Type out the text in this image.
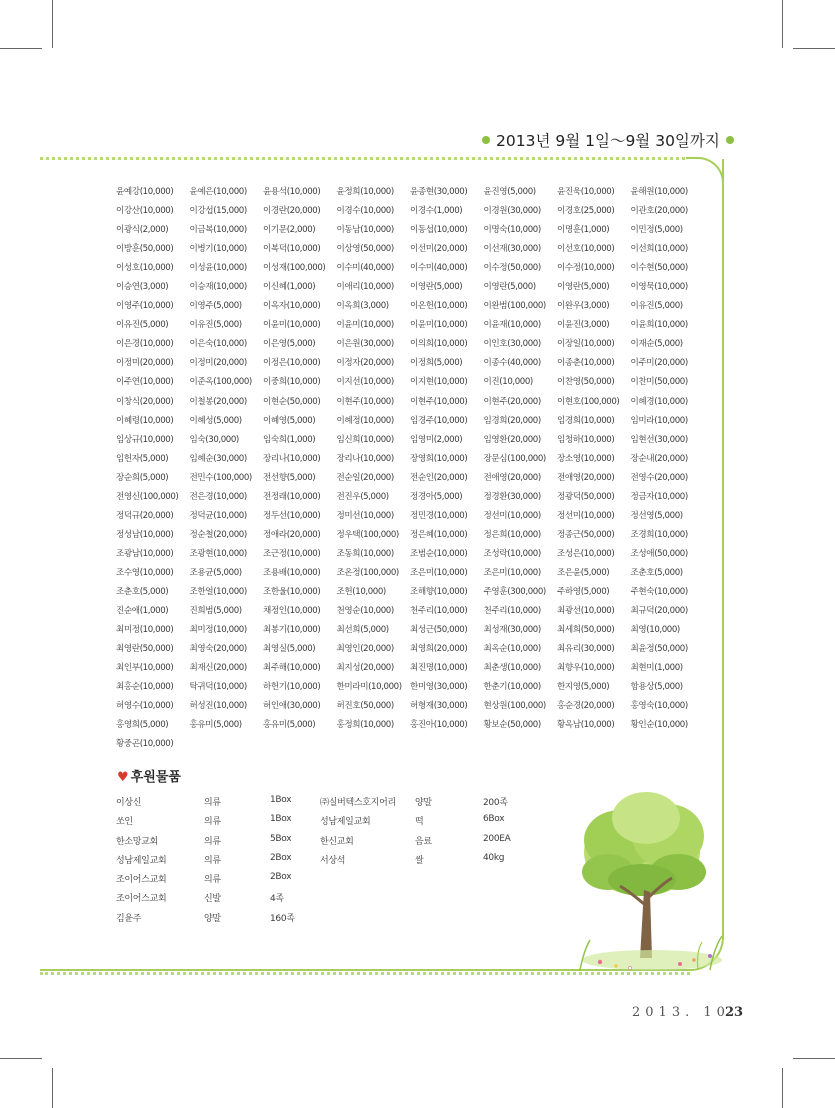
2013년 9월 1일～9월 30일까지
윤예강(10,000)	윤예은(10,000)	윤용석(10,000)	윤정희(10,000)	윤종현(30,000)	윤진영(5,000)	윤진욱(10,000)	윤해원(10,000)
이강산(10,000)	이강섭(15,000)	이경란(20,000)	이경수(10,000)	이경수(1,000)	이경원(30,000)	이경호(25,000)	이관호(20,000)
이광식(2,000)	이금복(10,000)	이기문(2,000)	이동남(10,000)	이동섭(10,000)	이명숙(10,000)	이명훈(1,000)	이민정(5,000)
이방훈(50,000)	이병기(10,000)	이복덕(10,000)	이상영(50,000)	이선미(20,000)	이선재(30,000)	이선호(10,000)	이선희(10,000)
이성호(10,000)	이성윤(10,000)	이성재(100,000)	이수미(40,000)	이수미(40,000)	이수정(50,000)	이수정(10,000)	이수현(50,000)
이승연(3,000)	이승재(10,000)	이신혜(1,000)	이애리(10,000)	이영란(5,000)	이영란(5,000)	이영란(5,000)	이영묵(10,000)
이영주(10,000)	이영주(5,000)	이옥자(10,000)	이옥희(3,000)	이온헌(10,000)	이완범(100,000)	이완우(3,000)	이유진(5,000)
이유진(5,000)	이유진(5,000)	이윤미(10,000)	이윤미(10,000)	이윤미(10,000)	이윤재(10,000)	이윤진(3,000)	이윤희(10,000)
이은경(10,000)	이은숙(10,000)	이은영(5,000)	이은원(30,000)	이의희(10,000)	이인호(30,000)	이장일(10,000)	이재순(5,000)
이정미(20,000)	이정미(20,000)	이정은(10,000)	이정자(20,000)	이정희(5,000)	이종수(40,000)	이종춘(10,000)	이주미(20,000)
이주연(10,000)	이준옥(100,000)	이중희(10,000)	이지선(10,000)	이지현(10,000)	이진(10,000)	이찬영(50,000)	이찬미(50,000)
이창식(20,000)	이철봉(20,000)	이현순(50,000)	이현주(10,000)	이현주(10,000)	이현주(20,000)	이현호(100,000)	이혜경(10,000)
이혜령(10,000)	이혜성(5,000)	이혜영(5,000)	이혜정(10,000)	임경주(10,000)	임경희(20,000)	임경희(10,000)	임미라(10,000)
임상규(10,000)	임숙(30,000)	임숙희(1,000)	임신희(10,000)	임영미(2,000)	임영환(20,000)	임청하(10,000)	임현선(30,000)
임헌자(5,000)	임혜순(30,000)	장리나(10,000)	장리나(10,000)	장영희(10,000)	장문심(100,000)	장소영(10,000)	장순내(20,000)
장순희(5,000)	전민수(100,000)	전선향(5,000)	전순일(20,000)	전순인(20,000)	전애영(20,000)	전애영(20,000)	전영수(20,000)
전영신(100,000)	전은경(10,000)	전정래(10,000)	전진우(5,000)	정경아(5,000)	정경환(30,000)	정광덕(50,000)	정금자(10,000)
정덕규(20,000)	정덕균(10,000)	정두선(10,000)	정미선(10,000)	정민경(10,000)	정선미(10,000)	정선미(10,000)	정선영(5,000)
정성남(10,000)	정순철(20,000)	정애라(20,000)	정우택(100,000)	정은혜(10,000)	정은희(10,000)	정종근(50,000)	조경희(10,000)
조광남(10,000)	조광현(10,000)	조근정(10,000)	조동희(10,000)	조범순(10,000)	조성락(10,000)	조성은(10,000)	조성애(50,000)
조수영(10,000)	조용균(5,000)	조용배(10,000)	조온정(100,000)	조은미(10,000)	조은미(10,000)	조은윤(5,000)	조춘호(5,000)
조춘호(5,000)	조한얼(10,000)	조한울(10,000)	조헌(10,000)	조해향(10,000)	주영훈(300,000)	주하영(5,000)	주현숙(10,000)
진순애(1,000)	진희범(5,000)	채정인(10,000)	천영순(10,000)	천주리(10,000)	천주리(10,000)	최광선(10,000)	최규덕(20,000)
최미정(10,000)	최미정(10,000)	최봉기(10,000)	최선희(5,000)	최성근(50,000)	최성재(30,000)	최세희(50,000)	최영(10,000)
최영란(50,000)	최영숙(20,000)	최영실(5,000)	최영인(20,000)	최영희(20,000)	최옥순(10,000)	최유리(30,000)	최윤정(50,000)
최인부(10,000)	최재신(20,000)	최주해(10,000)	최지성(20,000)	최진명(10,000)	최춘생(10,000)	최향우(10,000)	최현미(1,000)
최홍순(10,000)	탁귀덕(10,000)	하헌기(10,000)	한미라미(10,000) 한미영(30,000)	한춘기(10,000)	한지영(5,000)	함용상(5,000)
허영수(10,000)	허성진(10,000)	허인애(30,000)	허진호(50,000)	허형재(30,000)	현상원(100,000)	홍순경(20,000)	홍영숙(10,000)
홍영희(5,000)	홍유미(5,000)	홍유미(5,000)	홍정희(10,000)	홍진아(10,000)	황보순(50,000)	황옥남(10,000)	황인순(10,000)
황중곤(10,000)
♥ 후원물품
이상신	의류	1Box
쏘인	의류	1Box
한소망교회	의류	5Box
성남제일교회	의류	2Box
조이어스교회	의류	2Box
조이어스교회	신발	4족
김윤주	양말	160족
㈜실버텍스호지어리	양말	200족
성남제일교회	떡	6Box
한신교회	음료	200EA
서상석	쌀	40kg
2013. 10
23
